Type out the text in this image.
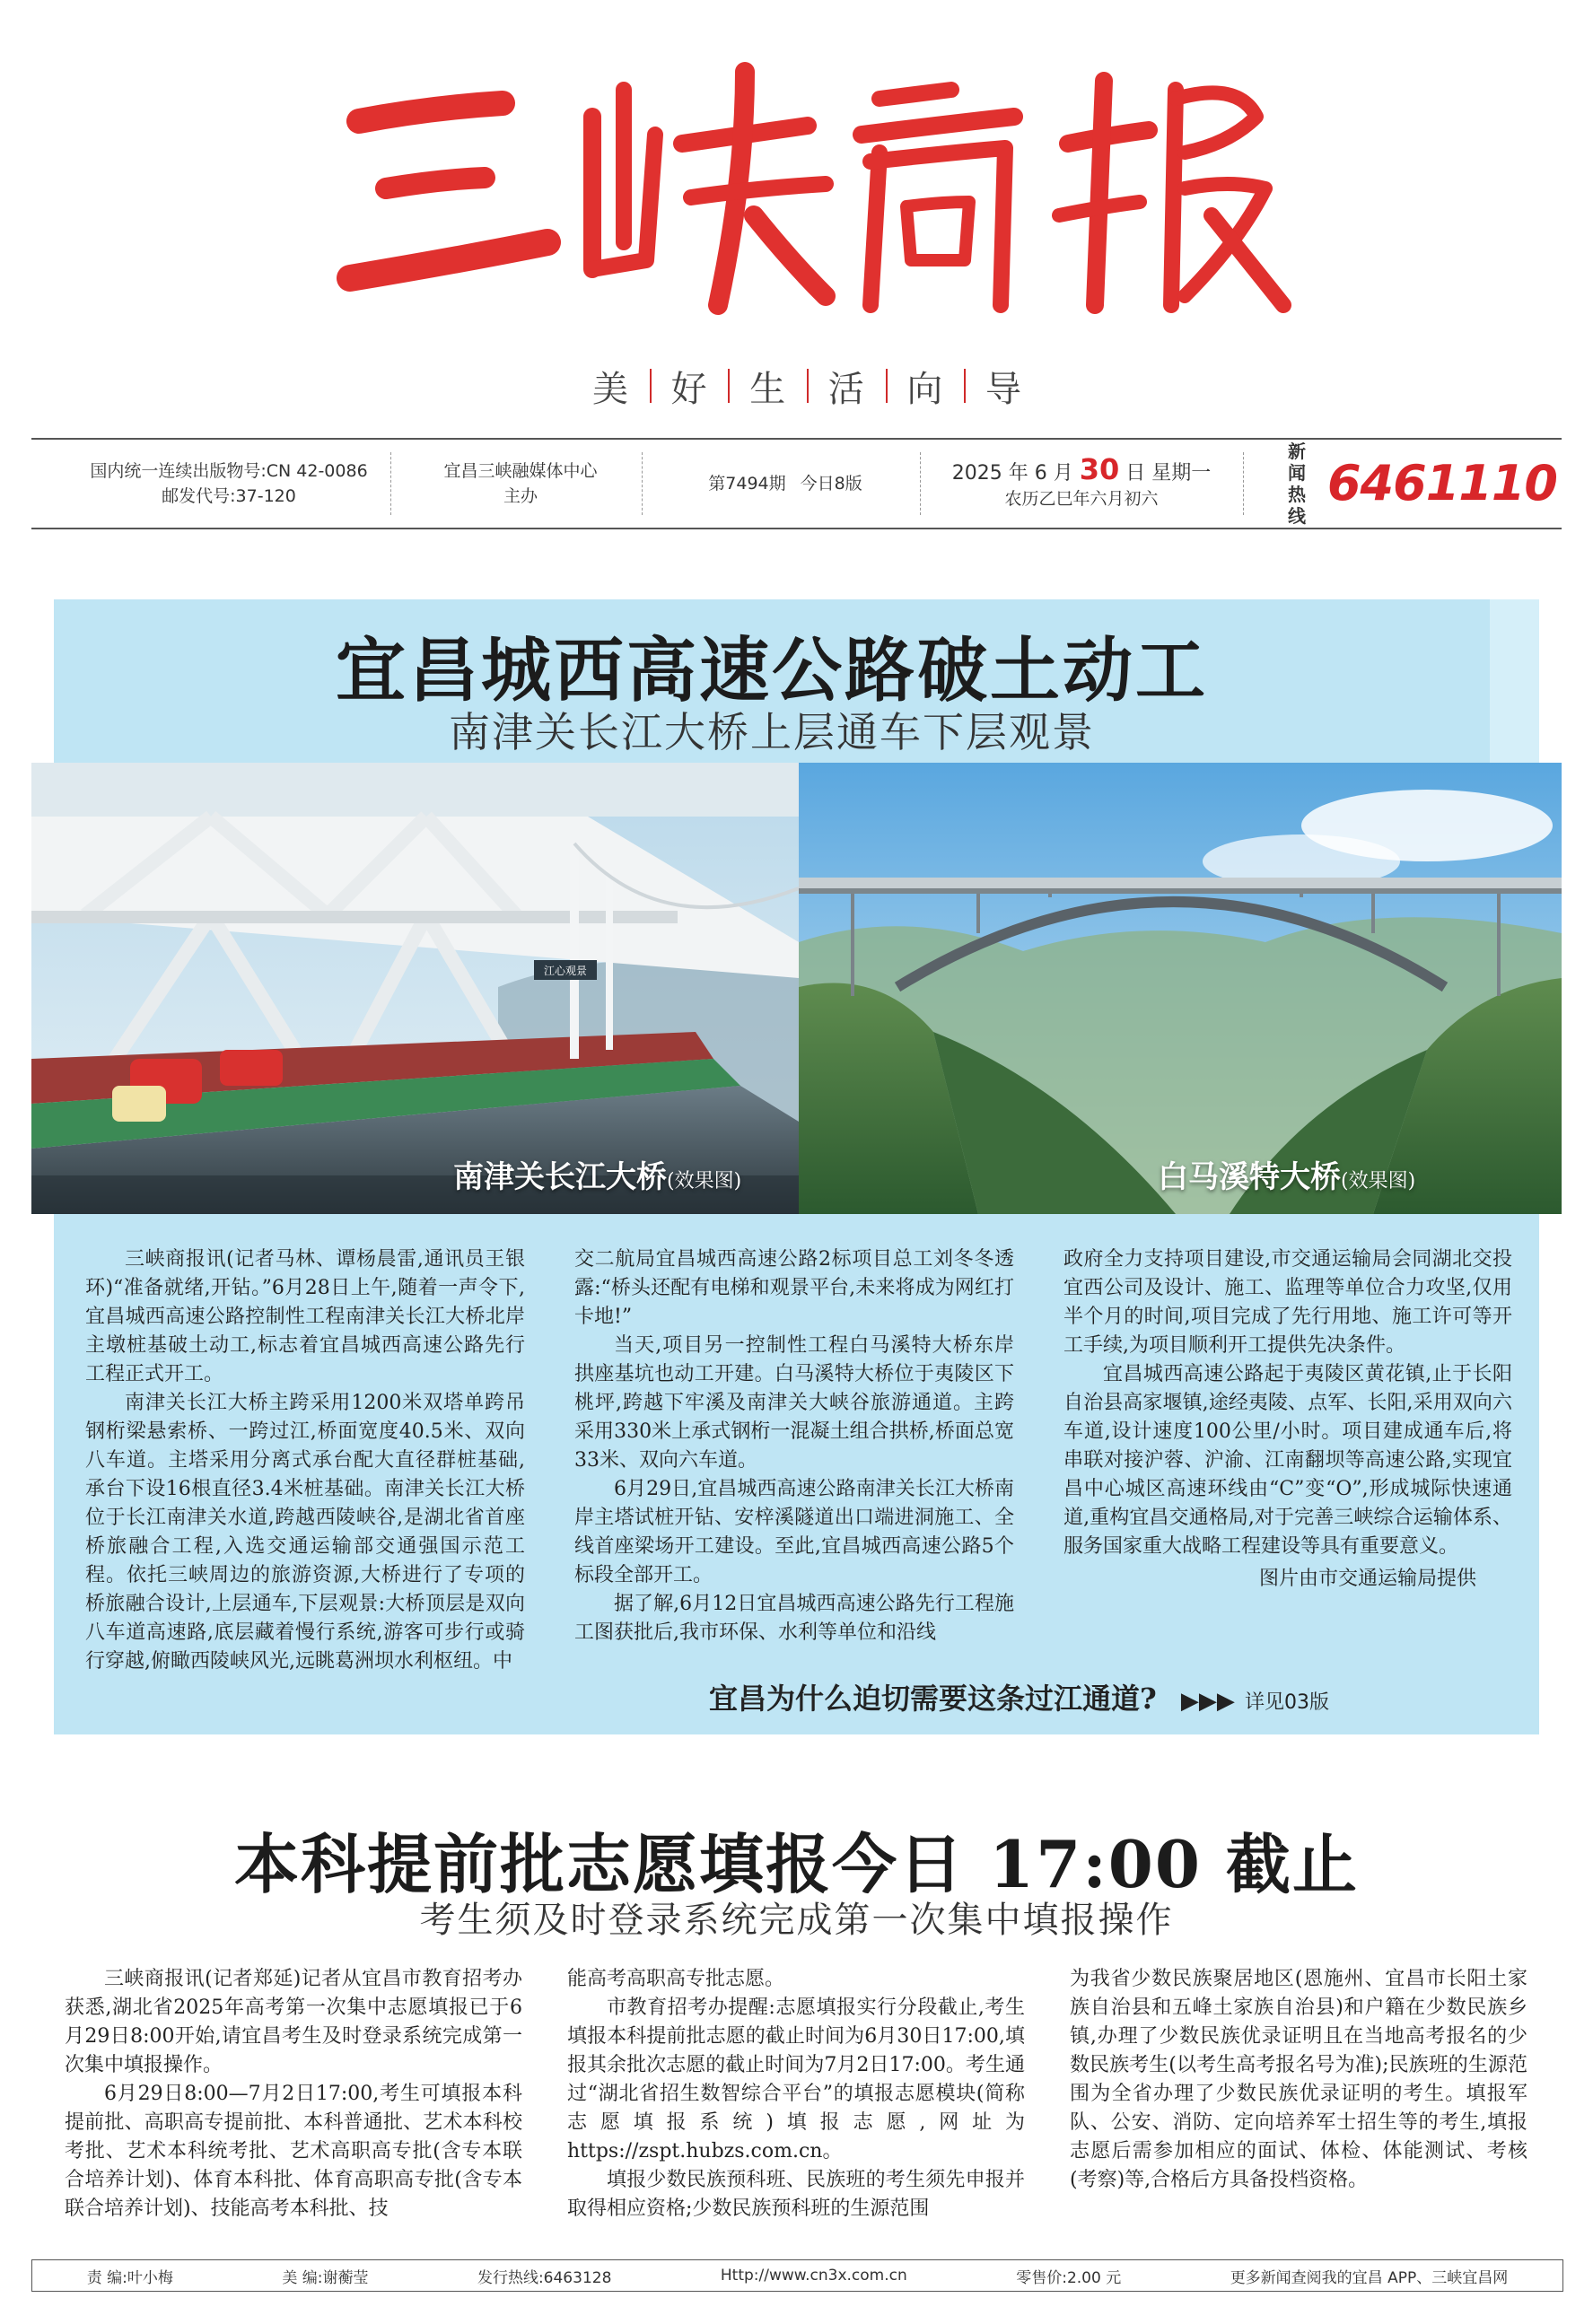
美 好 生 活 向 导
国内统一连续出版物号:CN 42-0086
邮发代号:37-120
宜昌三峡融媒体中心
主办
第7494期 今日8版	2025 年 6 月 30 日 星期一
农历乙巳年六月初六
新闻
热线
6461110
宜昌城西高速公路破土动工
南津关长江大桥上层通车下层观景
江心观景
南津关长江大桥(效果图)	白马溪特大桥(效果图)

三峡商报讯(记者马林、谭杨晨雷,通讯员王银环)“准备就绪,开钻。”6月28日上午,随着一声令下,宜昌城西高速公路控制性工程南津关长江大桥北岸主墩桩基破土动工,标志着宜昌城西高速公路先行工程正式开工。

南津关长江大桥主跨采用1200米双塔单跨吊钢桁梁悬索桥、一跨过江,桥面宽度40.5米、双向八车道。主塔采用分离式承台配大直径群桩基础,承台下设16根直径3.4米桩基础。南津关长江大桥位于长江南津关水道,跨越西陵峡谷,是湖北省首座桥旅融合工程,入选交通运输部交通强国示范工程。依托三峡周边的旅游资源,大桥进行了专项的桥旅融合设计,上层通车,下层观景:大桥顶层是双向八车道高速路,底层藏着慢行系统,游客可步行或骑行穿越,俯瞰西陵峡风光,远眺葛洲坝水利枢纽。中

交二航局宜昌城西高速公路2标项目总工刘冬冬透露:“桥头还配有电梯和观景平台,未来将成为网红打卡地!”

当天,项目另一控制性工程白马溪特大桥东岸拱座基坑也动工开建。白马溪特大桥位于夷陵区下桃坪,跨越下牢溪及南津关大峡谷旅游通道。主跨采用330米上承式钢桁一混凝土组合拱桥,桥面总宽33米、双向六车道。

6月29日,宜昌城西高速公路南津关长江大桥南岸主塔试桩开钻、安梓溪隧道出口端进洞施工、全线首座梁场开工建设。至此,宜昌城西高速公路5个标段全部开工。

据了解,6月12日宜昌城西高速公路先行工程施工图获批后,我市环保、水利等单位和沿线

政府全力支持项目建设,市交通运输局会同湖北交投宜西公司及设计、施工、监理等单位合力攻坚,仅用半个月的时间,项目完成了先行用地、施工许可等开工手续,为项目顺利开工提供先决条件。

宜昌城西高速公路起于夷陵区黄花镇,止于长阳自治县高家堰镇,途经夷陵、点军、长阳,采用双向六车道,设计速度100公里/小时。项目建成通车后,将串联对接沪蓉、沪渝、江南翻坝等高速公路,实现宜昌中心城区高速环线由“C”变“O”,形成城际快速通道,重构宜昌交通格局,对于完善三峡综合运输体系、服务国家重大战略工程建设等具有重要意义。

图片由市交通运输局提供
宜昌为什么迫切需要这条过江通道? ▶▶▶ 详见03版
本科提前批志愿填报今日 17:00 截止
考生须及时登录系统完成第一次集中填报操作

三峡商报讯(记者郑延)记者从宜昌市教育招考办获悉,湖北省2025年高考第一次集中志愿填报已于6月29日8:00开始,请宜昌考生及时登录系统完成第一次集中填报操作。

6月29日8:00—7月2日17:00,考生可填报本科提前批、高职高专提前批、本科普通批、艺术本科校考批、艺术本科统考批、艺术高职高专批(含专本联合培养计划)、体育本科批、体育高职高专批(含专本联合培养计划)、技能高考本科批、技

能高考高职高专批志愿。

市教育招考办提醒:志愿填报实行分段截止,考生填报本科提前批志愿的截止时间为6月30日17:00,填报其余批次志愿的截止时间为7月2日17:00。考生通过“湖北省招生数智综合平台”的填报志愿模块(简称志愿填报系统)填报志愿,网址为https://zspt.hubzs.com.cn。

填报少数民族预科班、民族班的考生须先申报并取得相应资格;少数民族预科班的生源范围

为我省少数民族聚居地区(恩施州、宜昌市长阳土家族自治县和五峰土家族自治县)和户籍在少数民族乡镇,办理了少数民族优录证明且在当地高考报名的少数民族考生(以考生高考报名号为准);民族班的生源范围为全省办理了少数民族优录证明的考生。填报军队、公安、消防、定向培养军士招生等的考生,填报志愿后需参加相应的面试、体检、体能测试、考核(考察)等,合格后方具备投档资格。

责 编:叶小梅	美 编:谢蘅莹	发行热线:6463128	Http://www.cn3x.com.cn	零售价:2.00 元	更多新闻查阅我的宜昌 APP、三峡宜昌网
